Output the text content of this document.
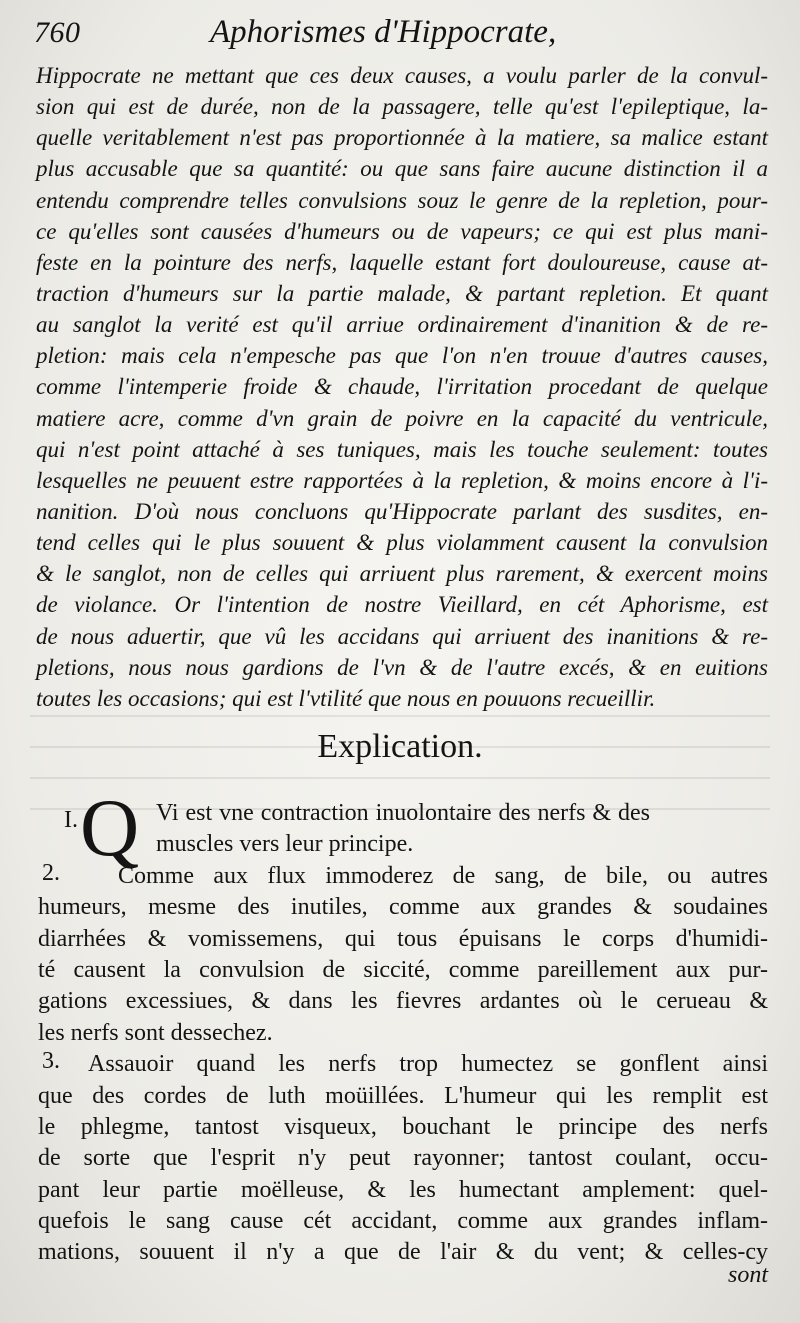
760	Aphorismes d'Hippocrate,
Hippocrate ne mettant que ces deux causes, a voulu parler de la convul-
sion qui est de durée, non de la passagere, telle qu'est l'epileptique, la-
quelle veritablement n'est pas proportionnée à la matiere, sa malice estant
plus accusable que sa quantité: ou que sans faire aucune distinction il a
entendu comprendre telles convulsions souz le genre de la repletion, pour-
ce qu'elles sont causées d'humeurs ou de vapeurs; ce qui est plus mani-
feste en la pointure des nerfs, laquelle estant fort douloureuse, cause at-
traction d'humeurs sur la partie malade, & partant repletion. Et quant
au sanglot la verité est qu'il arriue ordinairement d'inanition & de re-
pletion: mais cela n'empesche pas que l'on n'en trouue d'autres causes,
comme l'intemperie froide & chaude, l'irritation procedant de quelque
matiere acre, comme d'vn grain de poivre en la capacité du ventricule,
qui n'est point attaché à ses tuniques, mais les touche seulement: toutes
lesquelles ne peuuent estre rapportées à la repletion, & moins encore à l'i-
nanition. D'où nous concluons qu'Hippocrate parlant des susdites, en-
tend celles qui le plus souuent & plus violamment causent la convulsion
& le sanglot, non de celles qui arriuent plus rarement, & exercent moins
de violance. Or l'intention de nostre Vieillard, en cét Aphorisme, est
de nous aduertir, que vû les accidans qui arriuent des inanitions & re-
pletions, nous nous gardions de l'vn & de l'autre excés, & en euitions
toutes les occasions; qui est l'vtilité que nous en pouuons recueillir.
Explication.
I. Q Vi est vne contraction inuolontaire des nerfs & des
muscles vers leur principe.
Comme aux flux immoderez de sang, de bile, ou autres
humeurs, mesme des inutiles, comme aux grandes & soudaines
diarrhées & vomissemens, qui tous épuisans le corps d'humidi-
té causent la convulsion de siccité, comme pareillement aux pur-
gations excessiues, & dans les fievres ardantes où le cerueau &
les nerfs sont dessechez.
Assauoir quand les nerfs trop humectez se gonflent ainsi
que des cordes de luth moüillées. L'humeur qui les remplit est
le phlegme, tantost visqueux, bouchant le principe des nerfs
de sorte que l'esprit n'y peut rayonner; tantost coulant, occu-
pant leur partie moëlleuse, & les humectant amplement: quel-
quefois le sang cause cét accidant, comme aux grandes inflam-
mations, souuent il n'y a que de l'air & du vent; & celles-cy
2.
3.
sont
